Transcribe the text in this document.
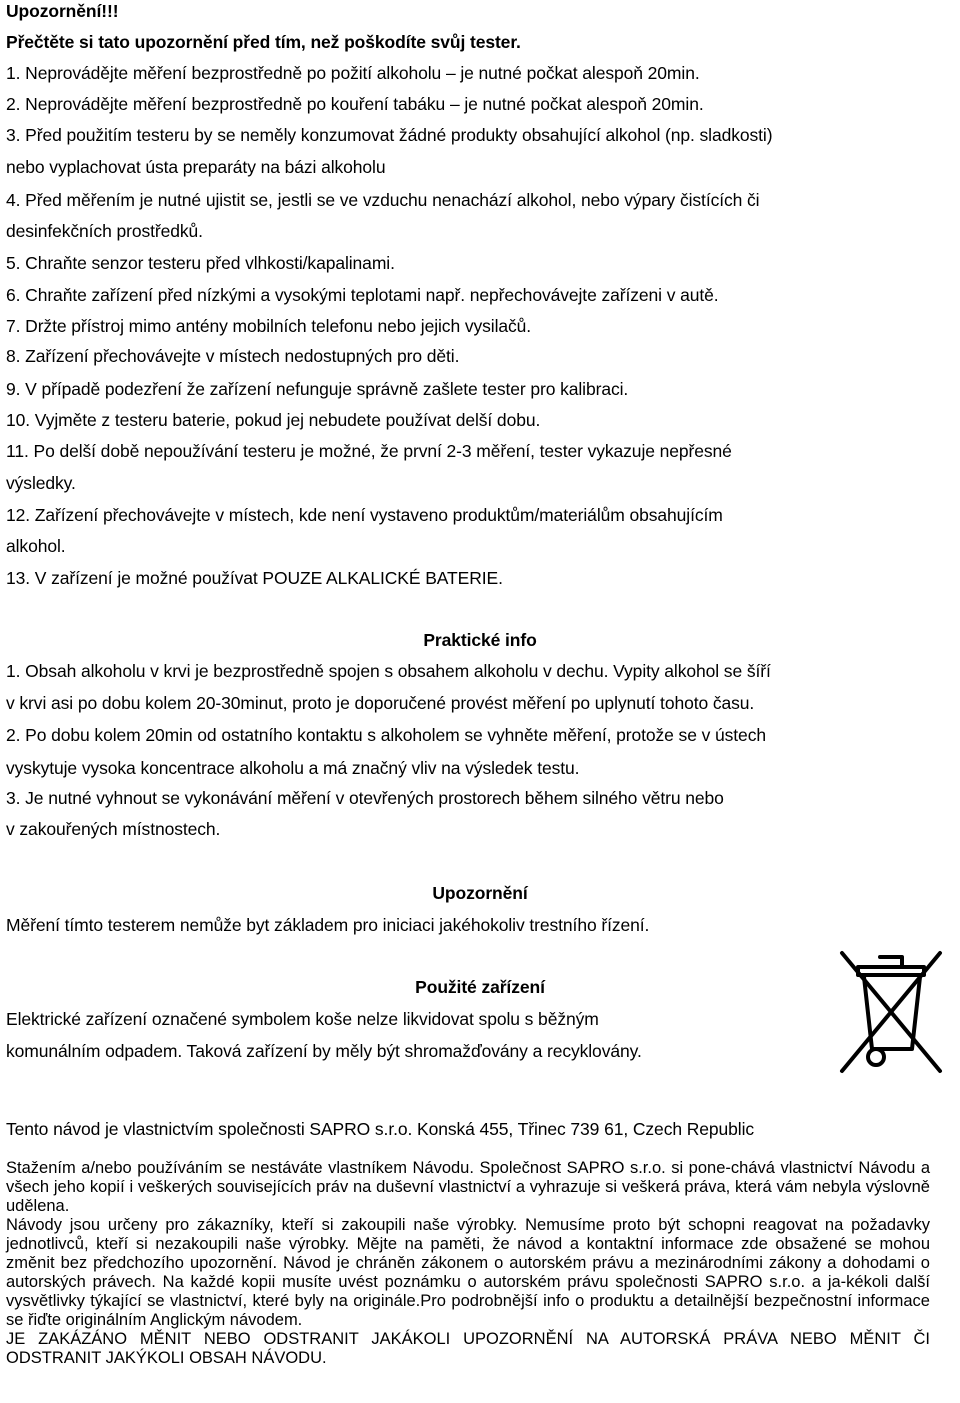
Upozornění!!!
Přečtěte si tato upozornění před tím, než poškodíte svůj tester.
1. Neprovádějte měření bezprostředně po požití alkoholu – je nutné počkat alespoň 20min.
2. Neprovádějte měření bezprostředně po kouření tabáku – je nutné počkat alespoň 20min.
3. Před použitím testeru by se neměly konzumovat žádné produkty obsahující alkohol (np. sladkosti)
nebo vyplachovat ústa preparáty na bázi alkoholu
4. Před měřením je nutné ujistit se, jestli se ve vzduchu nenachází alkohol, nebo výpary čistících či
desinfekčních prostředků.
5. Chraňte senzor testeru před vlhkosti/kapalinami.
6. Chraňte zařízení před nízkými a vysokými teplotami např. nepřechovávejte zařízeni v autě.
7. Držte přístroj mimo antény mobilních telefonu nebo jejich vysilačů.
8. Zařízení přechovávejte v místech nedostupných pro děti.
9. V případě podezření že zařízení nefunguje správně zašlete tester pro kalibraci.
10. Vyjměte z testeru baterie, pokud jej nebudete používat delší dobu.
11. Po delší době nepoužívání testeru je možné, že první 2-3 měření, tester vykazuje nepřesné
výsledky.
12. Zařízení přechovávejte v místech, kde není vystaveno produktům/materiálům obsahujícím
alkohol.
13. V zařízení je možné používat POUZE ALKALICKÉ BATERIE.
Praktické info
1. Obsah alkoholu v krvi je bezprostředně spojen s obsahem alkoholu v dechu. Vypity alkohol se šíří
v krvi asi po dobu kolem 20-30minut, proto je doporučené provést měření po uplynutí tohoto času.
2. Po dobu kolem 20min od ostatního kontaktu s alkoholem se vyhněte měření, protože se v ústech
vyskytuje vysoka koncentrace alkoholu a má značný vliv na výsledek testu.
3. Je nutné vyhnout se vykonávání měření v otevřených prostorech během silného větru nebo
v zakouřených místnostech.
Upozornění
Měření tímto testerem nemůže byt základem pro iniciaci jakéhokoliv trestního řízení.
Použité zařízení
Elektrické zařízení označené symbolem koše nelze likvidovat spolu s běžným
komunálním odpadem. Taková zařízení by měly být shromažďovány a recyklovány.
Tento návod je vlastnictvím společnosti SAPRO s.r.o. Konská 455, Třinec 739 61, Czech Republic

Stažením a/nebo používáním se nestáváte vlastníkem Návodu. Společnost SAPRO s.r.o. si pone-chává vlastnictví Návodu a všech jeho kopií i veškerých souvisejících práv na duševní vlastnictví a vyhrazuje si veškerá práva, která vám nebyla výslovně udělena.

Návody jsou určeny pro zákazníky, kteří si zakoupili naše výrobky. Nemusíme proto být schopni reagovat na požadavky jednotlivců, kteří si nezakoupili naše výrobky. Mějte na paměti, že návod a kontaktní informace zde obsažené se mohou změnit bez předchozího upozornění. Návod je chráněn zákonem o autorském právu a mezinárodními zákony a dohodami o autorských právech. Na každé kopii musíte uvést poznámku o autorském právu společnosti SAPRO s.r.o. a ja-kékoli další vysvětlivky týkající se vlastnictví, které byly na originále.Pro podrobnější info o produktu a detailnější bezpečnostní informace se řiďte originálním Anglickým návodem.

JE ZAKÁZÁNO MĚNIT NEBO ODSTRANIT JAKÁKOLI UPOZORNĚNÍ NA AUTORSKÁ PRÁVA NEBO MĚNIT ČI ODSTRANIT JAKÝKOLI OBSAH NÁVODU.
